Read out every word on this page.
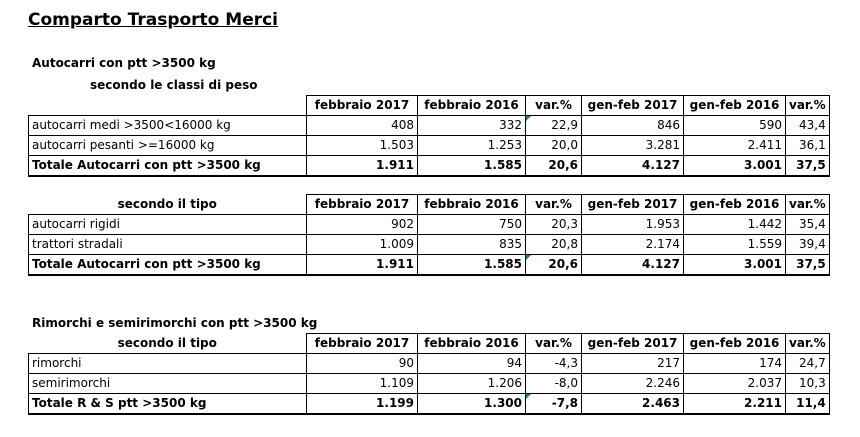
Comparto Trasporto Merci
Autocarri con ptt >3500 kg
secondo le classi di peso
	febbraio 2017	febbraio 2016	var.%	gen-feb 2017	gen-feb 2016	var.%
autocarri medi >3500<16000 kg	408	332	22,9	846	590	43,4
autocarri pesanti >=16000 kg	1.503	1.253	20,0	3.281	2.411	36,1
Totale Autocarri con ptt >3500 kg	1.911	1.585	20,6	4.127	3.001	37,5
secondo il tipo	febbraio 2017	febbraio 2016	var.%	gen-feb 2017	gen-feb 2016	var.%
autocarri rigidi	902	750	20,3	1.953	1.442	35,4
trattori stradali	1.009	835	20,8	2.174	1.559	39,4
Totale Autocarri con ptt >3500 kg	1.911	1.585	20,6	4.127	3.001	37,5
Rimorchi e semirimorchi con ptt >3500 kg
secondo il tipo	febbraio 2017	febbraio 2016	var.%	gen-feb 2017	gen-feb 2016	var.%
rimorchi	90	94	-4,3	217	174	24,7
semirimorchi	1.109	1.206	-8,0	2.246	2.037	10,3
Totale R & S ptt >3500 kg	1.199	1.300	-7,8	2.463	2.211	11,4
